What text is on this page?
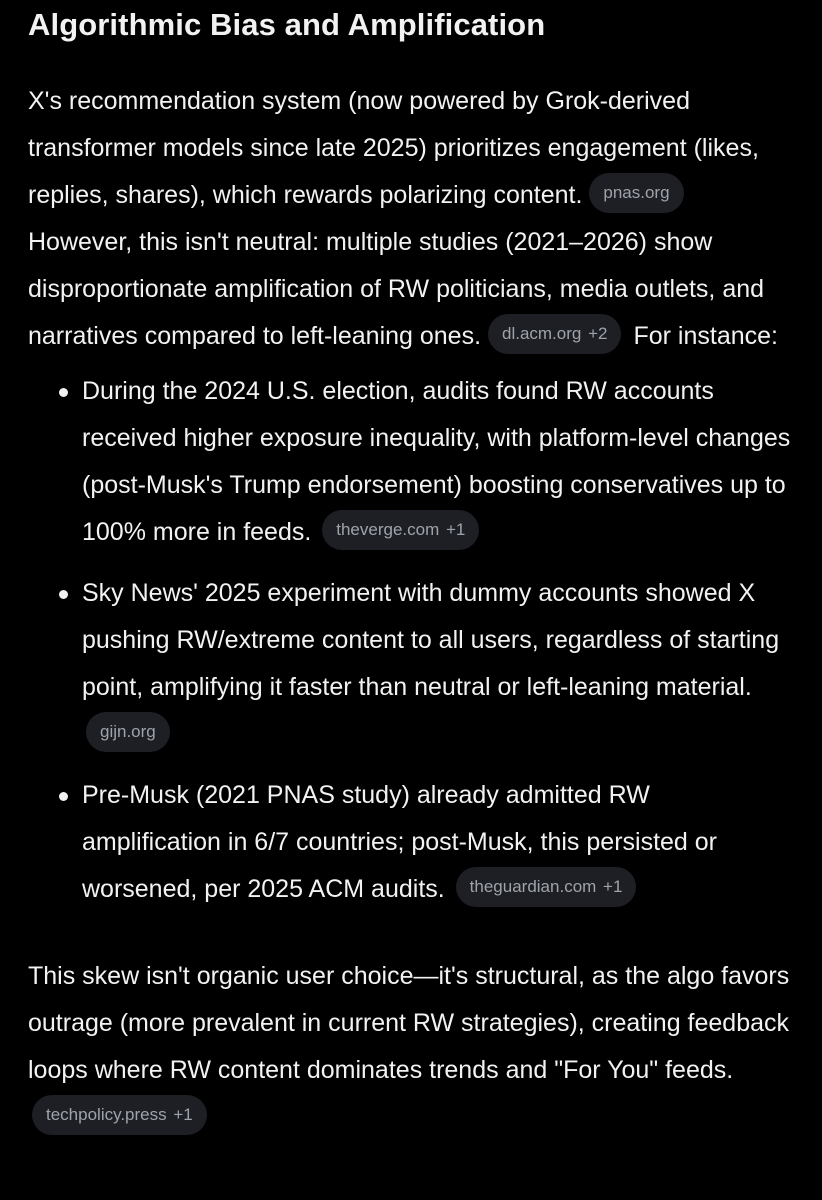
Algorithmic Bias and Amplification

X's recommendation system (now powered by Grok-derived transformer models since late 2025) prioritizes engagement (likes, replies, shares), which rewards polarizing content. pnas.orgHowever, this isn't neutral: multiple studies (2021–2026) show disproportionate amplification of RW politicians, media outlets, and narratives compared to left-leaning ones. dl.acm.org +2 For instance:

During the 2024 U.S. election, audits found RW accounts received higher exposure inequality, with platform-level changes (post-Musk's Trump endorsement) boosting conservatives up to 100% more in feeds. theverge.com +1
Sky News' 2025 experiment with dummy accounts showed X pushing RW/extreme content to all users, regardless of starting point, amplifying it faster than neutral or left-leaning material. gijn.org
Pre-Musk (2021 PNAS study) already admitted RW amplification in 6/7 countries; post-Musk, this persisted or worsened, per 2025 ACM audits. theguardian.com +1

This skew isn't organic user choice—it's structural, as the algo favors outrage (more prevalent in current RW strategies), creating feedback loops where RW content dominates trends and "For You" feeds. techpolicy.press +1
